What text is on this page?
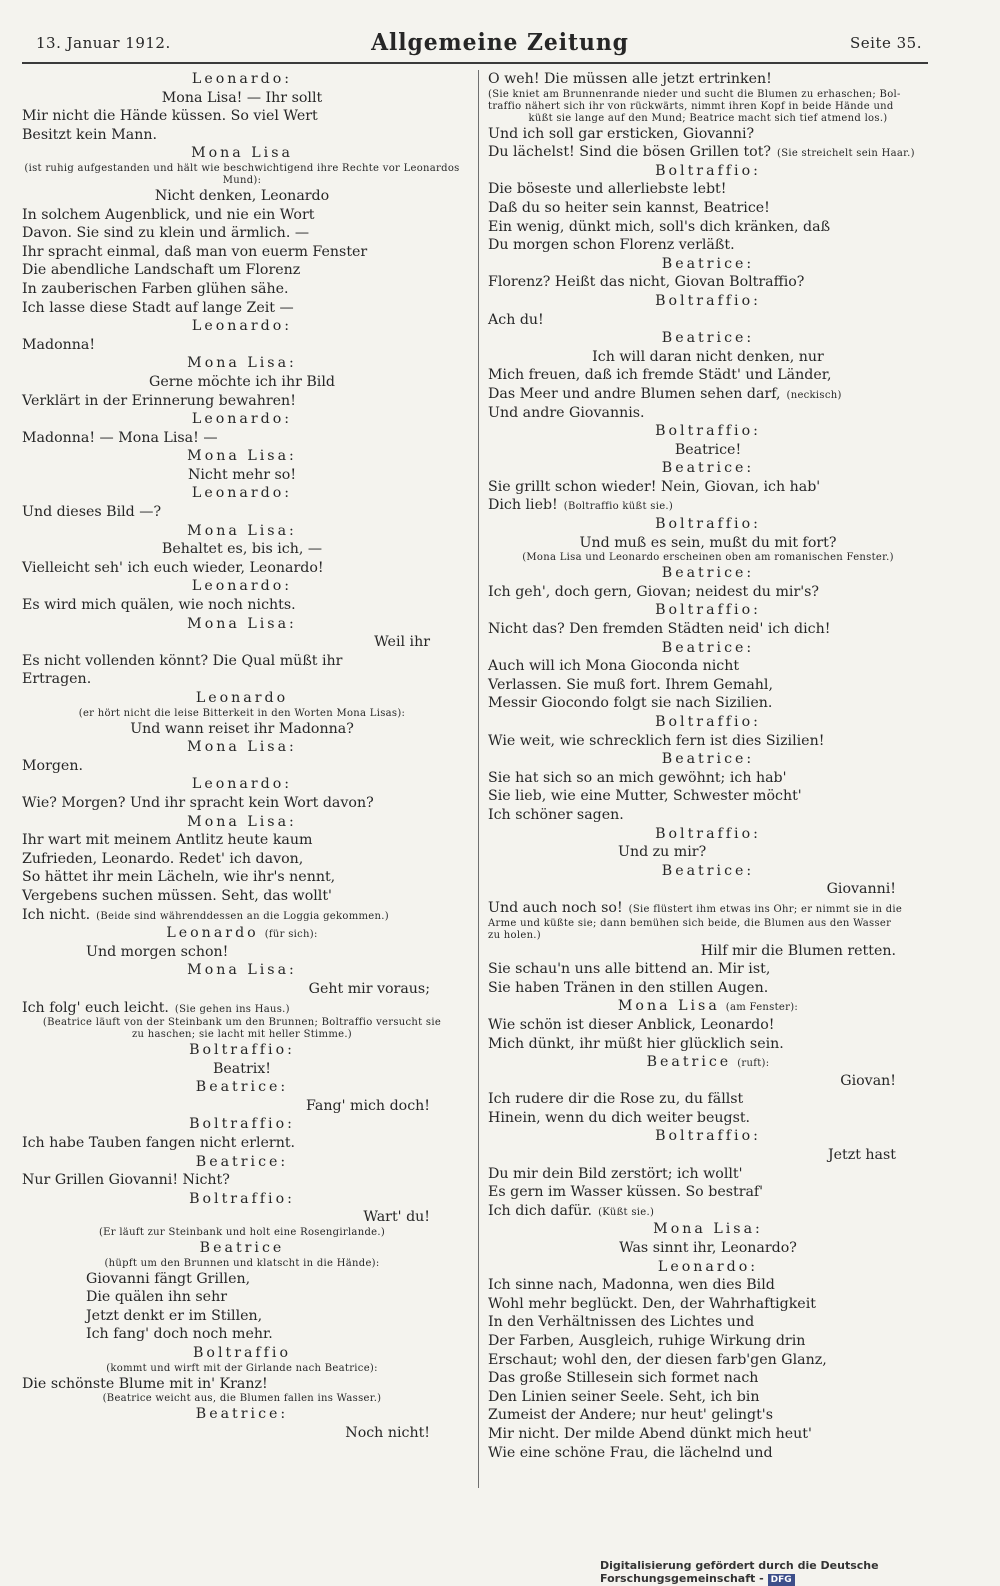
13. Januar 1912.	Allgemeine Zeitung	Seite 35.
Leonardo:
Mona Lisa! — Ihr sollt
Mir nicht die Hände küssen. So viel Wert
Besitzt kein Mann.
Mona Lisa
(ist ruhig aufgestanden und hält wie beschwichtigend ihre Rechte vor Leonardos
Mund):
Nicht denken, Leonardo
In solchem Augenblick, und nie ein Wort
Davon. Sie sind zu klein und ärmlich. —
Ihr spracht einmal, daß man von euerm Fenster
Die abendliche Landschaft um Florenz
In zauberischen Farben glühen sähe.
Ich lasse diese Stadt auf lange Zeit —
Leonardo:
Madonna!
Mona Lisa:
Gerne möchte ich ihr Bild
Verklärt in der Erinnerung bewahren!
Leonardo:
Madonna! — Mona Lisa! —
Mona Lisa:
Nicht mehr so!
Leonardo:
Und dieses Bild —?
Mona Lisa:
Behaltet es, bis ich, —
Vielleicht seh' ich euch wieder, Leonardo!
Leonardo:
Es wird mich quälen, wie noch nichts.
Mona Lisa:
Weil ihr
Es nicht vollenden könnt? Die Qual müßt ihr
Ertragen.
Leonardo
(er hört nicht die leise Bitterkeit in den Worten Mona Lisas):
Und wann reiset ihr Madonna?
Mona Lisa:
Morgen.
Leonardo:
Wie? Morgen? Und ihr spracht kein Wort davon?
Mona Lisa:
Ihr wart mit meinem Antlitz heute kaum
Zufrieden, Leonardo. Redet' ich davon,
So hättet ihr mein Lächeln, wie ihr's nennt,
Vergebens suchen müssen. Seht, das wollt'
Ich nicht. (Beide sind währenddessen an die Loggia gekommen.)
Leonardo (für sich):
Und morgen schon!
Mona Lisa:
Geht mir voraus;
Ich folg' euch leicht. (Sie gehen ins Haus.)
(Beatrice läuft von der Steinbank um den Brunnen; Boltraffio versucht sie
zu haschen; sie lacht mit heller Stimme.)
Boltraffio:
Beatrix!
Beatrice:
Fang' mich doch!
Boltraffio:
Ich habe Tauben fangen nicht erlernt.
Beatrice:
Nur Grillen Giovanni! Nicht?
Boltraffio:
Wart' du!
(Er läuft zur Steinbank und holt eine Rosengirlande.)
Beatrice
(hüpft um den Brunnen und klatscht in die Hände):
Giovanni fängt Grillen,
Die quälen ihn sehr
Jetzt denkt er im Stillen,
Ich fang' doch noch mehr.
Boltraffio
(kommt und wirft mit der Girlande nach Beatrice):
Die schönste Blume mit in' Kranz!
(Beatrice weicht aus, die Blumen fallen ins Wasser.)
Beatrice:
Noch nicht!
O weh! Die müssen alle jetzt ertrinken!
(Sie kniet am Brunnenrande nieder und sucht die Blumen zu erhaschen; Bol-
traffio nähert sich ihr von rückwärts, nimmt ihren Kopf in beide Hände und
küßt sie lange auf den Mund; Beatrice macht sich tief atmend los.)
Und ich soll gar ersticken, Giovanni?
Du lächelst! Sind die bösen Grillen tot? (Sie streichelt sein Haar.)
Boltraffio:
Die böseste und allerliebste lebt!
Daß du so heiter sein kannst, Beatrice!
Ein wenig, dünkt mich, soll's dich kränken, daß
Du morgen schon Florenz verläßt.
Beatrice:
Florenz? Heißt das nicht, Giovan Boltraffio?
Boltraffio:
Ach du!
Beatrice:
Ich will daran nicht denken, nur
Mich freuen, daß ich fremde Städt' und Länder,
Das Meer und andre Blumen sehen darf, (neckisch)
Und andre Giovannis.
Boltraffio:
Beatrice!
Beatrice:
Sie grillt schon wieder! Nein, Giovan, ich hab'
Dich lieb! (Boltraffio küßt sie.)
Boltraffio:
Und muß es sein, mußt du mit fort?
(Mona Lisa und Leonardo erscheinen oben am romanischen Fenster.)
Beatrice:
Ich geh', doch gern, Giovan; neidest du mir's?
Boltraffio:
Nicht das? Den fremden Städten neid' ich dich!
Beatrice:
Auch will ich Mona Gioconda nicht
Verlassen. Sie muß fort. Ihrem Gemahl,
Messir Giocondo folgt sie nach Sizilien.
Boltraffio:
Wie weit, wie schrecklich fern ist dies Sizilien!
Beatrice:
Sie hat sich so an mich gewöhnt; ich hab'
Sie lieb, wie eine Mutter, Schwester möcht'
Ich schöner sagen.
Boltraffio:
Und zu mir?
Beatrice:
Giovanni!
Und auch noch so! (Sie flüstert ihm etwas ins Ohr; er nimmt sie in die
Arme und küßte sie; dann bemühen sich beide, die Blumen aus den Wasser
zu holen.)
Hilf mir die Blumen retten.
Sie schau'n uns alle bittend an. Mir ist,
Sie haben Tränen in den stillen Augen.
Mona Lisa (am Fenster):
Wie schön ist dieser Anblick, Leonardo!
Mich dünkt, ihr müßt hier glücklich sein.
Beatrice (ruft):
Giovan!
Ich rudere dir die Rose zu, du fällst
Hinein, wenn du dich weiter beugst.
Boltraffio:
Jetzt hast
Du mir dein Bild zerstört; ich wollt'
Es gern im Wasser küssen. So bestraf'
Ich dich dafür. (Küßt sie.)
Mona Lisa:
Was sinnt ihr, Leonardo?
Leonardo:
Ich sinne nach, Madonna, wen dies Bild
Wohl mehr beglückt. Den, der Wahrhaftigkeit
In den Verhältnissen des Lichtes und
Der Farben, Ausgleich, ruhige Wirkung drin
Erschaut; wohl den, der diesen farb'gen Glanz,
Das große Stillesein sich formet nach
Den Linien seiner Seele. Seht, ich bin
Zumeist der Andere; nur heut' gelingt's
Mir nicht. Der milde Abend dünkt mich heut'
Wie eine schöne Frau, die lächelnd und
Digitalisierung gefördert durch die Deutsche Forschungsgemeinschaft - DFG
